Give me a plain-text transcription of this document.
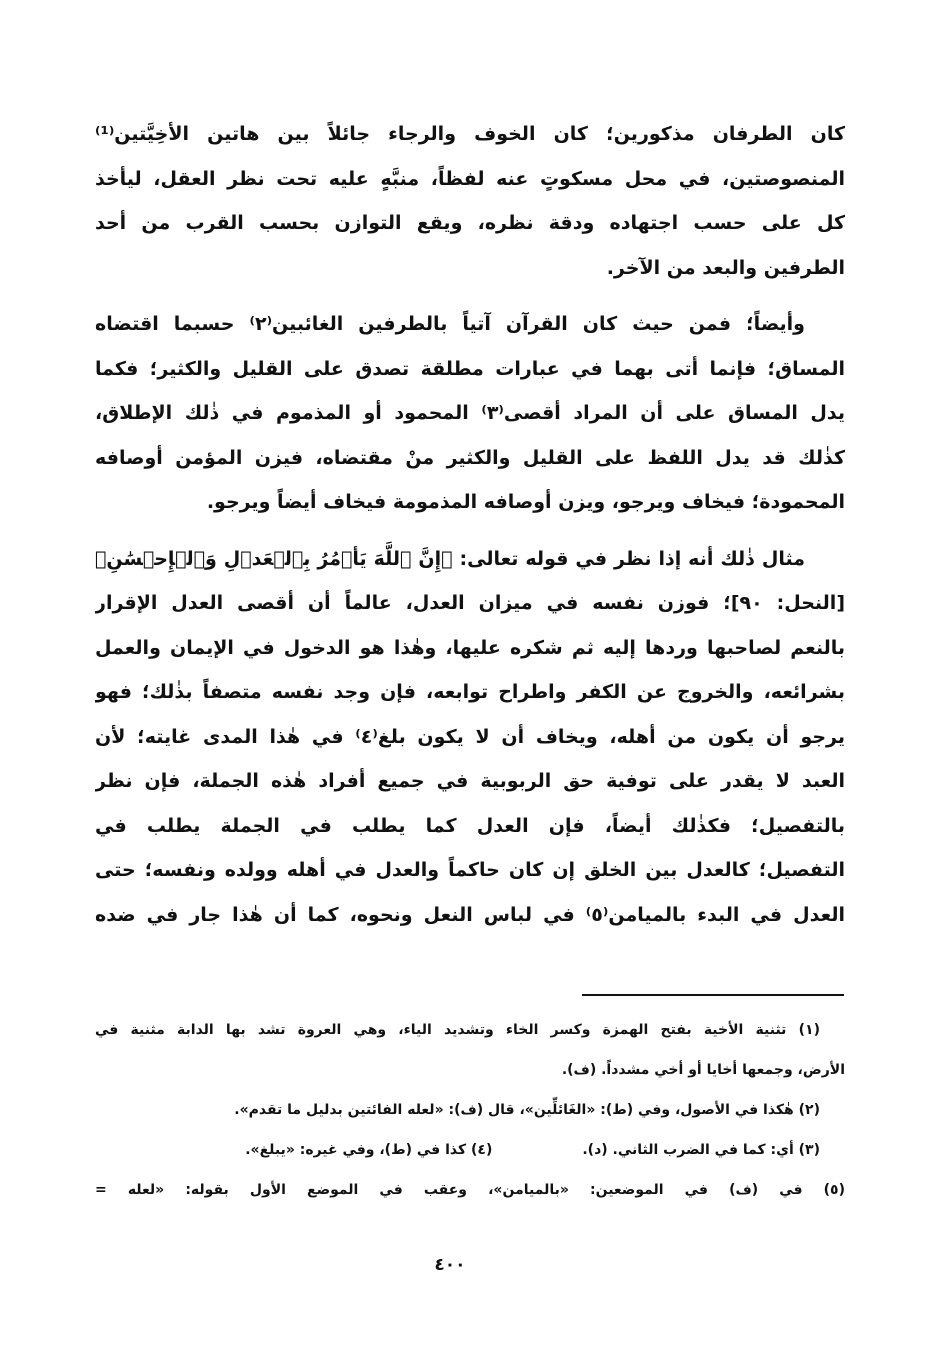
كان الطرفان مذكورين؛ كان الخوف والرجاء جائلاً بين هاتين الأخِيَّتين⁽¹⁾
المنصوصتين، في محل مسكوتٍ عنه لفظاً، منبَّهٍ عليه تحت نظر العقل، ليأخذ
كل على حسب اجتهاده ودقة نظره، ويقع التوازن بحسب القرب من أحد
الطرفين والبعد من الآخر.
وأيضاً؛ فمن حيث كان القرآن آتياً بالطرفين الغائبين⁽٢⁾ حسبما اقتضاه
المساق؛ فإنما أتى بهما في عبارات مطلقة تصدق على القليل والكثير؛ فكما
يدل المساق على أن المراد أقصى⁽٣⁾ المحمود أو المذموم في ذٰلك الإطلاق،
كذٰلك قد يدل اللفظ على القليل والكثير منْ مقتضاه، فيزن المؤمن أوصافه
المحمودة؛ فيخاف ويرجو، ويزن أوصافه المذمومة فيخاف أيضاً ويرجو.
مثال ذٰلك أنه إذا نظر في قوله تعالى: ﴿إِنَّ ٱللَّهَ يَأۡمُرُ بِٱلۡعَدۡلِ وَٱلۡإِحۡسَٰنِ﴾
[النحل: ٩٠]؛ فوزن نفسه في ميزان العدل، عالماً أن أقصى العدل الإقرار
بالنعم لصاحبها وردها إليه ثم شكره عليها، وهٰذا هو الدخول في الإيمان والعمل
بشرائعه، والخروج عن الكفر واطراح توابعه، فإن وجد نفسه متصفاً بذٰلك؛ فهو
يرجو أن يكون من أهله، ويخاف أن لا يكون بلغ⁽٤⁾ في هٰذا المدى غايته؛ لأن
العبد لا يقدر على توفية حق الربوبية في جميع أفراد هٰذه الجملة، فإن نظر
بالتفصيل؛ فكذٰلك أيضاً، فإن العدل كما يطلب في الجملة يطلب في
التفصيل؛ كالعدل بين الخلق إن كان حاكماً والعدل في أهله وولده ونفسه؛ حتى
العدل في البدء بالميامن⁽٥⁾ في لباس النعل ونحوه، كما أن هٰذا جار في ضده
(١) تثنية الأخية بفتح الهمزة وكسر الخاء وتشديد الياء، وهي العروة تشد بها الدابة مثنية في
الأرض، وجمعها أخايا أو أخي مشدداً. (ف).
(٢) هٰكذا في الأصول، وفي (ط): «الغَائلِّين»، قال (ف): «لعله الفائتين بدليل ما تقدم».
(٣) أي: كما في الضرب الثاني. (د).
(٤) كذا في (ط)، وفي غيره: «يبلغ».
(٥) في (ف) في الموضعين: «بالميامن»، وعقب في الموضع الأول بقوله: «لعله =
٤٠٠
